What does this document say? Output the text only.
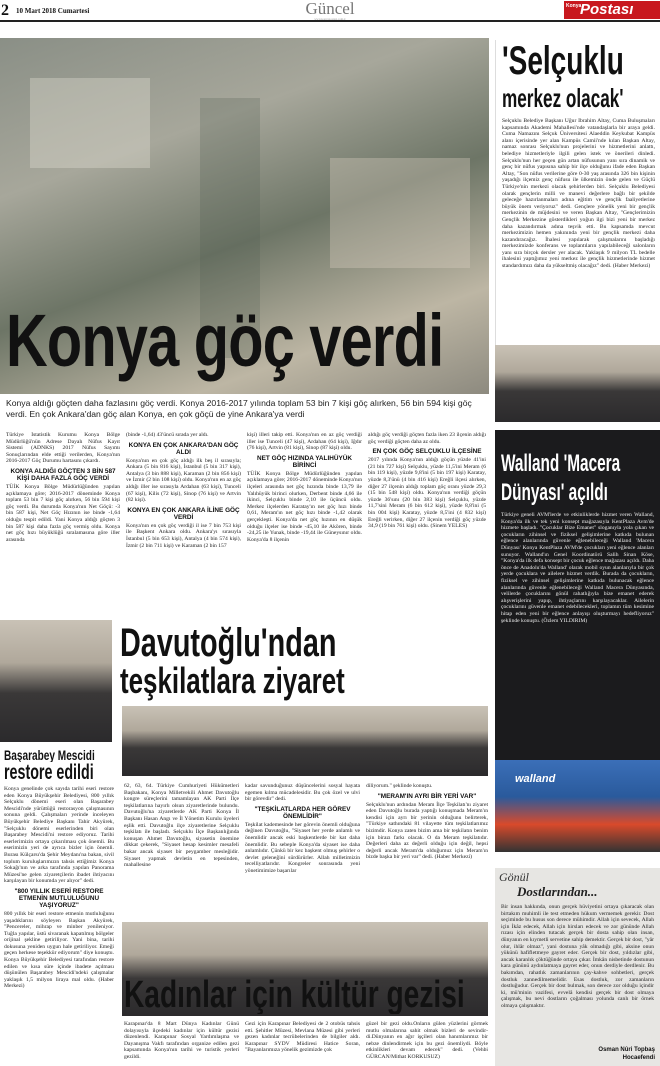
2	10 Mart 2018 Cumartesi	Güncel
www.konyapostasi.com.tr
Konya
Postası
Konya göç verdi
Konya aldığı göçten daha fazlasını göç verdi. Konya 2016-2017 yılında toplam 53 bin 7 kişi göç alırken, 56 bin 594 kişi göç verdi. En çok Ankara'dan göç alan Konya, en çok göçü de yine Ankara'ya verdi
Türkiye İstatistik Kurumu Konya Bölge Müdürlüğü'nün Adrese Dayalı Nüfus Kayıt Sistemi (ADNKS) 2017 Nüfus Sayımı Sonuçlarından elde ettiği verilerden, Konya'nın 2016-2017 Göç Durumu hartasını çıkardı.
KONYA ALDIĞI GÖÇTEN 3 BİN 587 KİŞİ DAHA FAZLA GÖÇ VERDİ
TÜİK Konya Bölge Müdürlüğünden yapılan açıklamaya göre; 2016-2017 döneminde Konya toplam 53 bin 7 kişi göç alırken, 56 bin 594 kişi göç verdi. Bu durumda Konya'nın Net Göçü: -3 bin 587 kişi, Net Göç Hızının ise binde -1,64 olduğu tespit edildi. Yani Konya aldığı göçten 3 bin 587 kişi daha fazla göç vermiş oldu. Konya net göç hızı büyüklüğü sıralamasına göre iller arasında
(binde -1,64) 43'üncü sırada yer aldı.
KONYA EN ÇOK ANKARA'DAN GÖÇ ALDI
Konya'nın en çok göç aldığı ilk beş il sırasıyla; Ankara (5 bin 816 kişi), İstanbul (5 bin 317 kişi), Antalya (3 bin 888 kişi), Karaman (2 bin 856 kişi) ve İzmir (2 bin 108 kişi) oldu. Konya'nın en az göç aldığı iller ise sırasıyla Ardahan (63 kişi), Tunceli (67 kişi), Kilis (72 kişi), Sinop (76 kişi) ve Artvin (82 kişi).
KONYA EN ÇOK ANKARA İLİNE GÖÇ VERDİ
Konya'nın en çok göç verdiği il ise 7 bin 753 kişi ile Başkent Ankara oldu. Ankara'yı sırasıyla İstanbul (5 bin 653 kişi), Antalya (4 bin 574 kişi), İzmir (2 bin 711 kişi) ve Karaman (2 bin 157
kişi) illeri takip etti. Konya'nın en az göç verdiği iller ise Tunceli (47 kişi), Ardahan (64 kişi), Iğdır (76 kişi), Artvin (81 kişi), Sinop (87 kişi) oldu.
NET GÖÇ HIZINDA YALIHÜYÜK BİRİNCİ
TÜİK Konya Bölge Müdürlüğünden yapılan açıklamaya göre; 2016-2017 döneminde Konya'nın ilçeleri arasında net göç hızında binde 13,79 ile Yalıhüyük birinci olurken, Derbent binde 4,66 ile ikinci, Selçuklu binde 2,10 ile üçüncü oldu. Merkez ilçelerden Karatay'ın net göç hızı binde 0,61, Meram'ın net göç hızı binde -1,42 olarak gerçekleşti. Konya'da net göç hızının en düşük olduğu ilçeler ise binde -45,10 ile Akören, binde -24,25 ile Yunak, binde -19,44 ile Güneysınır oldu. Konya'da 8 ilçenin
aldığı göç verdiği göçten fazla iken 23 ilçenin aldığı göç verdiği göçten daha az oldu.
EN ÇOK GÖÇ SELÇUKLU İLÇESİNE
2017 yılında Konya'nın aldığı göçün yüzde 41'ini (21 bin 727 kişi) Selçuklu, yüzde 11,5'ini Meram (6 bin 119 kişi), yüzde 9,8'ini (5 bin 197 kişi) Karatay, yüzde 8,3'ünü (4 bin 416 kişi) Ereğli ilçesi alırken, diğer 27 ilçenin aldığı toplam göç oranı yüzde 29,3 (15 bin 548 kişi) oldu. Konya'nın verdiği göçün yüzde 36'sını (20 bin 383 kişi) Selçuklu, yüzde 11,7'sini Meram (6 bin 612 kişi), yüzde 8,8'ini (5 bin 004 kişi) Karatay, yüzde 8,5'ini (4 832 kişi) Ereğli verirken, diğer 27 ilçenin verdiği göç yüzde 34,9 (19 bin 761 kişi) oldu. (Sinem YELES)
'Selçuklu
merkez olacak'
Selçuklu Belediye Başkanı Uğur İbrahim Altay, Cuma Buluşmaları kapsamında Akademi Mahallesi'nde vatandaşlarla bir araya geldi. Cuma Namazını Selçuk Üniversitesi Alaeddin Keykubat Kampüs alanı içerisinde yer alan Kampüs Camii'nde kılan Başkan Altay, namaz sonrası Selçuklu'nun projelerini ve hizmetlerini anlattı, belediye hizmetleriyle ilgili gelen istek ve önerileri dinledi. Selçuklu'nun her geçen gün artan nüfusunun yanı sıra dinamik ve genç bir nüfus yapısına sahip bir ilçe olduğunu ifade eden Başkan Altay, "Son nüfus verilerine göre 0-30 yaş arasında 326 bin kişinin yaşadığı ilçemiz genç nüfusu ile ülkemizin önde gelen ve Güçlü Türkiye'nin merkezi olacak şehirlerden biri. Selçuklu Belediyesi olarak gençlerin milli ve manevi değerlere bağlı bir şekilde geleceğe hazırlanmaları adına eğitim ve gençlik faaliyetlerine büyük önem veriyoruz" dedi. Gençlere yönelik yeni bir gençlik merkezinin de müjdesini ve veren Başkan Altay, "Gençlerimizin Gençlik Merkezine gösterdikleri yoğun ilgi bizi yeni bir merkez daha kazandırmak adına teşvik etti. Bu kapsamda mevcut merkezimizin hemen yakınında yeni bir gençlik merkezi daha kazandıracağız. İhalesi yapılarak çalışmalarını başladığı merkezimizde konferans ve toplantıların yapılabileceği salonların yanı sıra birçok dersler yer alacak. Yaklaşık 9 milyon TL bedelle ihalesini yaptığımız yeni merkez ile gençlik hizmetlerinde hizmet standardımızı daha da yükseltmiş olacağız" dedi. (Haber Merkezi)
Walland 'Macera
Dünyası' açıldı
Türkiye geneli AVM'lerde ve etkinliklerde hizmet veren Walland, Konya'da ilk ve tek yeni konsept mağazasıyla KentPlaza Avm'de hizmete başladı. "Çocuklar Bize Emanet" sloganıyla yola çıkan ve çocukların zihinsel ve fiziksel gelişimlerine katkıda bulunan eğlence alanlarında güvenle eğlenebileceği Walland 'Macera Dünyası' Konya KentPlaza AVM'de çocukları yeni eğlence alanları sunuyor. Walland'ın Genel Koordinatörü Salih Sinan Köse, "Konya'da ilk defa konsept bir çocuk eğlence mağazası açıldı. Daha önce de Anadolu'da Walland' olarak mobil oyun alanlarıyla bir çok yerde çocuklara ve ailelere hizmet verdik. Burada da çocukların, fiziksel ve zihinsel gelişimlerine katkıda bulunacak eğlence alanlarında güvenle eğlenebileceği Walland Macera Dünyasında, velilerde çocuklarını gönül rahatlığıyla bize emanet ederek alışverişlerini yapıp, ihtiyaçlarını karşılayacaklar. Ailelerin çocuklarını güvenle emanet edebilecekleri, toplamın tüm kesimine hitap eden yeni bir eğlence anlayışı oluşturmayı hedefliyoruz" şeklinde konuştu. (Özlem YILDIRIM)
walland
Başarabey Mescidi
restore edildi
Konya genelinde çok sayıda tarihi eseri restore eden Konya Büyükşehir Belediyesi, 800 yıllık Selçuklu dönemi eseri olan Başarabey Mescidi'nde yürüttüğü restorasyon çalışmasının sonuna geldi. Çalışmaları yerinde inceleyen Büyükşehir Belediye Başkanı Tahir Akyürek, "Selçuklu dönemi eserlerinden biri olan Başarabey Mescidi'ni restore ediyoruz. Tarihi eserlerimizin ortaya çıkarılması çok önemli. Bu eserimizin yeri de ayrıca bizler için önemli. Burası Külçarsı'da Şehir Meydanı'na bakan, sivil toplum kuruluşlarımızın tahsis ettiğimiz Konya Sokağı'nın ve arka tarafında yapılan Panorama Müzesi'ne gelen ziyaretçilerin ibadet ihtiyacını karşılayan bir konumda yer alıyor" dedi.
"800 YILLIK ESERİ RESTORE ETMENİN MUTLULUĞUNU YAŞIYORUZ"
800 yıllık bir eseri restore etmenin mutluluğunu yaşadıklarını söyleyen Başkan Akyürek, "Pencereler, mihrap ve minber yenileniyor. Tuğla yapılar, üstü sivaranak kapatılmış bölgeler orijinal şekline getiriliyor. Yani bina, tarihi dokusuna yeniden uygun hale getiriliyor. Emeği geçen herkese teşekkür ediyorum" diye konuştu. Konya Büyükşehir Belediyesi tarafından restore edilen ve kısa süre içinde ibadete açılması düşünülen Başarabey Mescidi'ndeki çalışmalar yaklaşık 1,5 milyon liraya mal oldu. (Haber Merkezi)
Davutoğlu'ndan
teşkilatlara ziyaret
62, 63, 64. Türkiye Cumhuriyeti Hükümetleri Başbakanı, Konya Milletvekili Ahmet Davutoğlu kongre süreçlerini tamamlayan AK Parti İlçe teşkilatlarına hayırlı olsun ziyaretlerinde bulundu. Davutoğlu'na ziyaretlerde AK Parti Konya İl Başkanı Hasan Angı ve İl Yönetim Kurulu üyeleri eşlik etti. Davutoğlu ilçe ziyaretlerine Selçuklu teşkilatı ile başladı. Selçuklu İlçe Başkanlığında konuşan Ahmet Davutoğlu, siyasetin önemine dikkat çekerek, "Siyaset hesap kesimler mesafeli bakar ancak siyaset bir peygamber mesleğidir. Siyaset yapmak devletin en tepesinden, mahallesine
kadar savunduğunuz düşüncelerini sosyal hayata egemen kılma mücadelesidir. Bu çok özel ve ulvi bir görevdir" dedi.
"TEŞKİLATLARDA HER GÖREV ÖNEMLİDİR"
Teşkilat kademesinde her görevin önemli olduğuna değinen Davutoğlu, "Siyaset her yerde anlamlı ve önemlidir ancak eski başkentlerde bir kat daha önemlidir. Bu sebeple Konya'da siyaset ise daha anlamlıdır. Çünkü bir kez başkent olmuş şehirler o devlet geleneğini sürdürürler. Allah milletimizin tecelliyatlarıdır. Kongreler sonrasında yeni yönetimimize başarılar
diliyorum." şeklinde konuştu.
"MERAM'IN AYRI BİR YERİ VAR"
Selçuklu'nun ardından Meram İlçe Teşkilatı'nı ziyaret eden Davutoğlu burada yaptığı konuşmada Meram'ın kendisi için ayrı bir yerinin olduğunu belirterek, "Türkiye sathındaki 81 vilayette tüm teşkilatlarımız bizimdir. Konya zaten bizim ama bir teşkilatın benim için birazı farkı olacak. O da Meram teşkilatıdır. Değerleri daha az değerli olduğu için değil, hepsi değerli ancak Meram'da olduğumuz için Meram'ın bizde başka bir yeri var" dedi. (Haber Merkezi)
Kadınlar için kültür gezisi
Karapınar'da 8 Mart Dünya Kadınlar Günü dolayısıyla ilçedeki kadınlar için kültür gezisi düzenlendi. Karapınar Sosyal Yardımlaşma ve Dayanışma Vakfı tarafından organize edilen gezi kapsamında Konya'nın tarihi ve turistik yerleri gezildi.
Gezi için Karapınar Belediyesi de 2 otobüs tahsis etti. Şehitler Müzesi, Mevlana Müzesi gibi yerleri gezen kadınlar tecrübelerinden de bilgiler aldı. Karapınar SYDV Müdiresi Hatice Soran, "Bayanlarımıza yönelik gezimizde çok
güzel bir gezi oldu.Onların gülen yüzlerini görmek mutlu olmalarına sahit olmak bizleri de sevindirdi.Dünyanın en ağır işçileri olan hanımlarımız bir nebze dinlendirmek için bu gezi önemliydi. Böyle etkinlikleri devam edecek" dedi. (Vehbi GÜRCAN/Mithat KORKUSUZ)
Gönül
Dostlarından...
Bir insan hakkında, onun gerçek hüviyetini ortaya çıkaracak olan birtakım muhimli ile test etmeden hükum vermemek gerekir. Dost seçiminde bu husus son derece mühimdir. Allah için sevecek, Allah için İkâz edecek, Allah için hirsları edecek ve zor gününde Allah rızası için elinden tutacak gerçek bir dosta sahip olan insan, dünyanın en kıymetli servetine sahip demektir. Gerçek bir dost, "yâr olur, ihlâr olmaz", yani dostuna yâk olmadığı gibi, aksine onun yükünü hafifletmeye gayret eder. Gerçek bir dost, yıldızlar gibi, ancak karanlık çöktüğünde ortaya çıkar. İmkân nisbetinde dostunun kara gününü aydınlatmaya gayret eder, onun derdiyle derdlenir. Bu bakımdan, rahatlık zamanlarının çay-kahve sohbetleri, gerçek dostluk zannedilmemelidir. Esas dostluk, zor zamanların dostluğudur. Gerçek bir dost bulmak, son derece zor olduğu içindir ki, mü'minin vazifesi, evvelâ kendisi gerçek bir dost olmaya çalışmak, bu nevi dostların çoğalması yolunda canlı bir örnek olmaya çalışmaktır.
Osman Nûri Topbaş
Hocaefendi
